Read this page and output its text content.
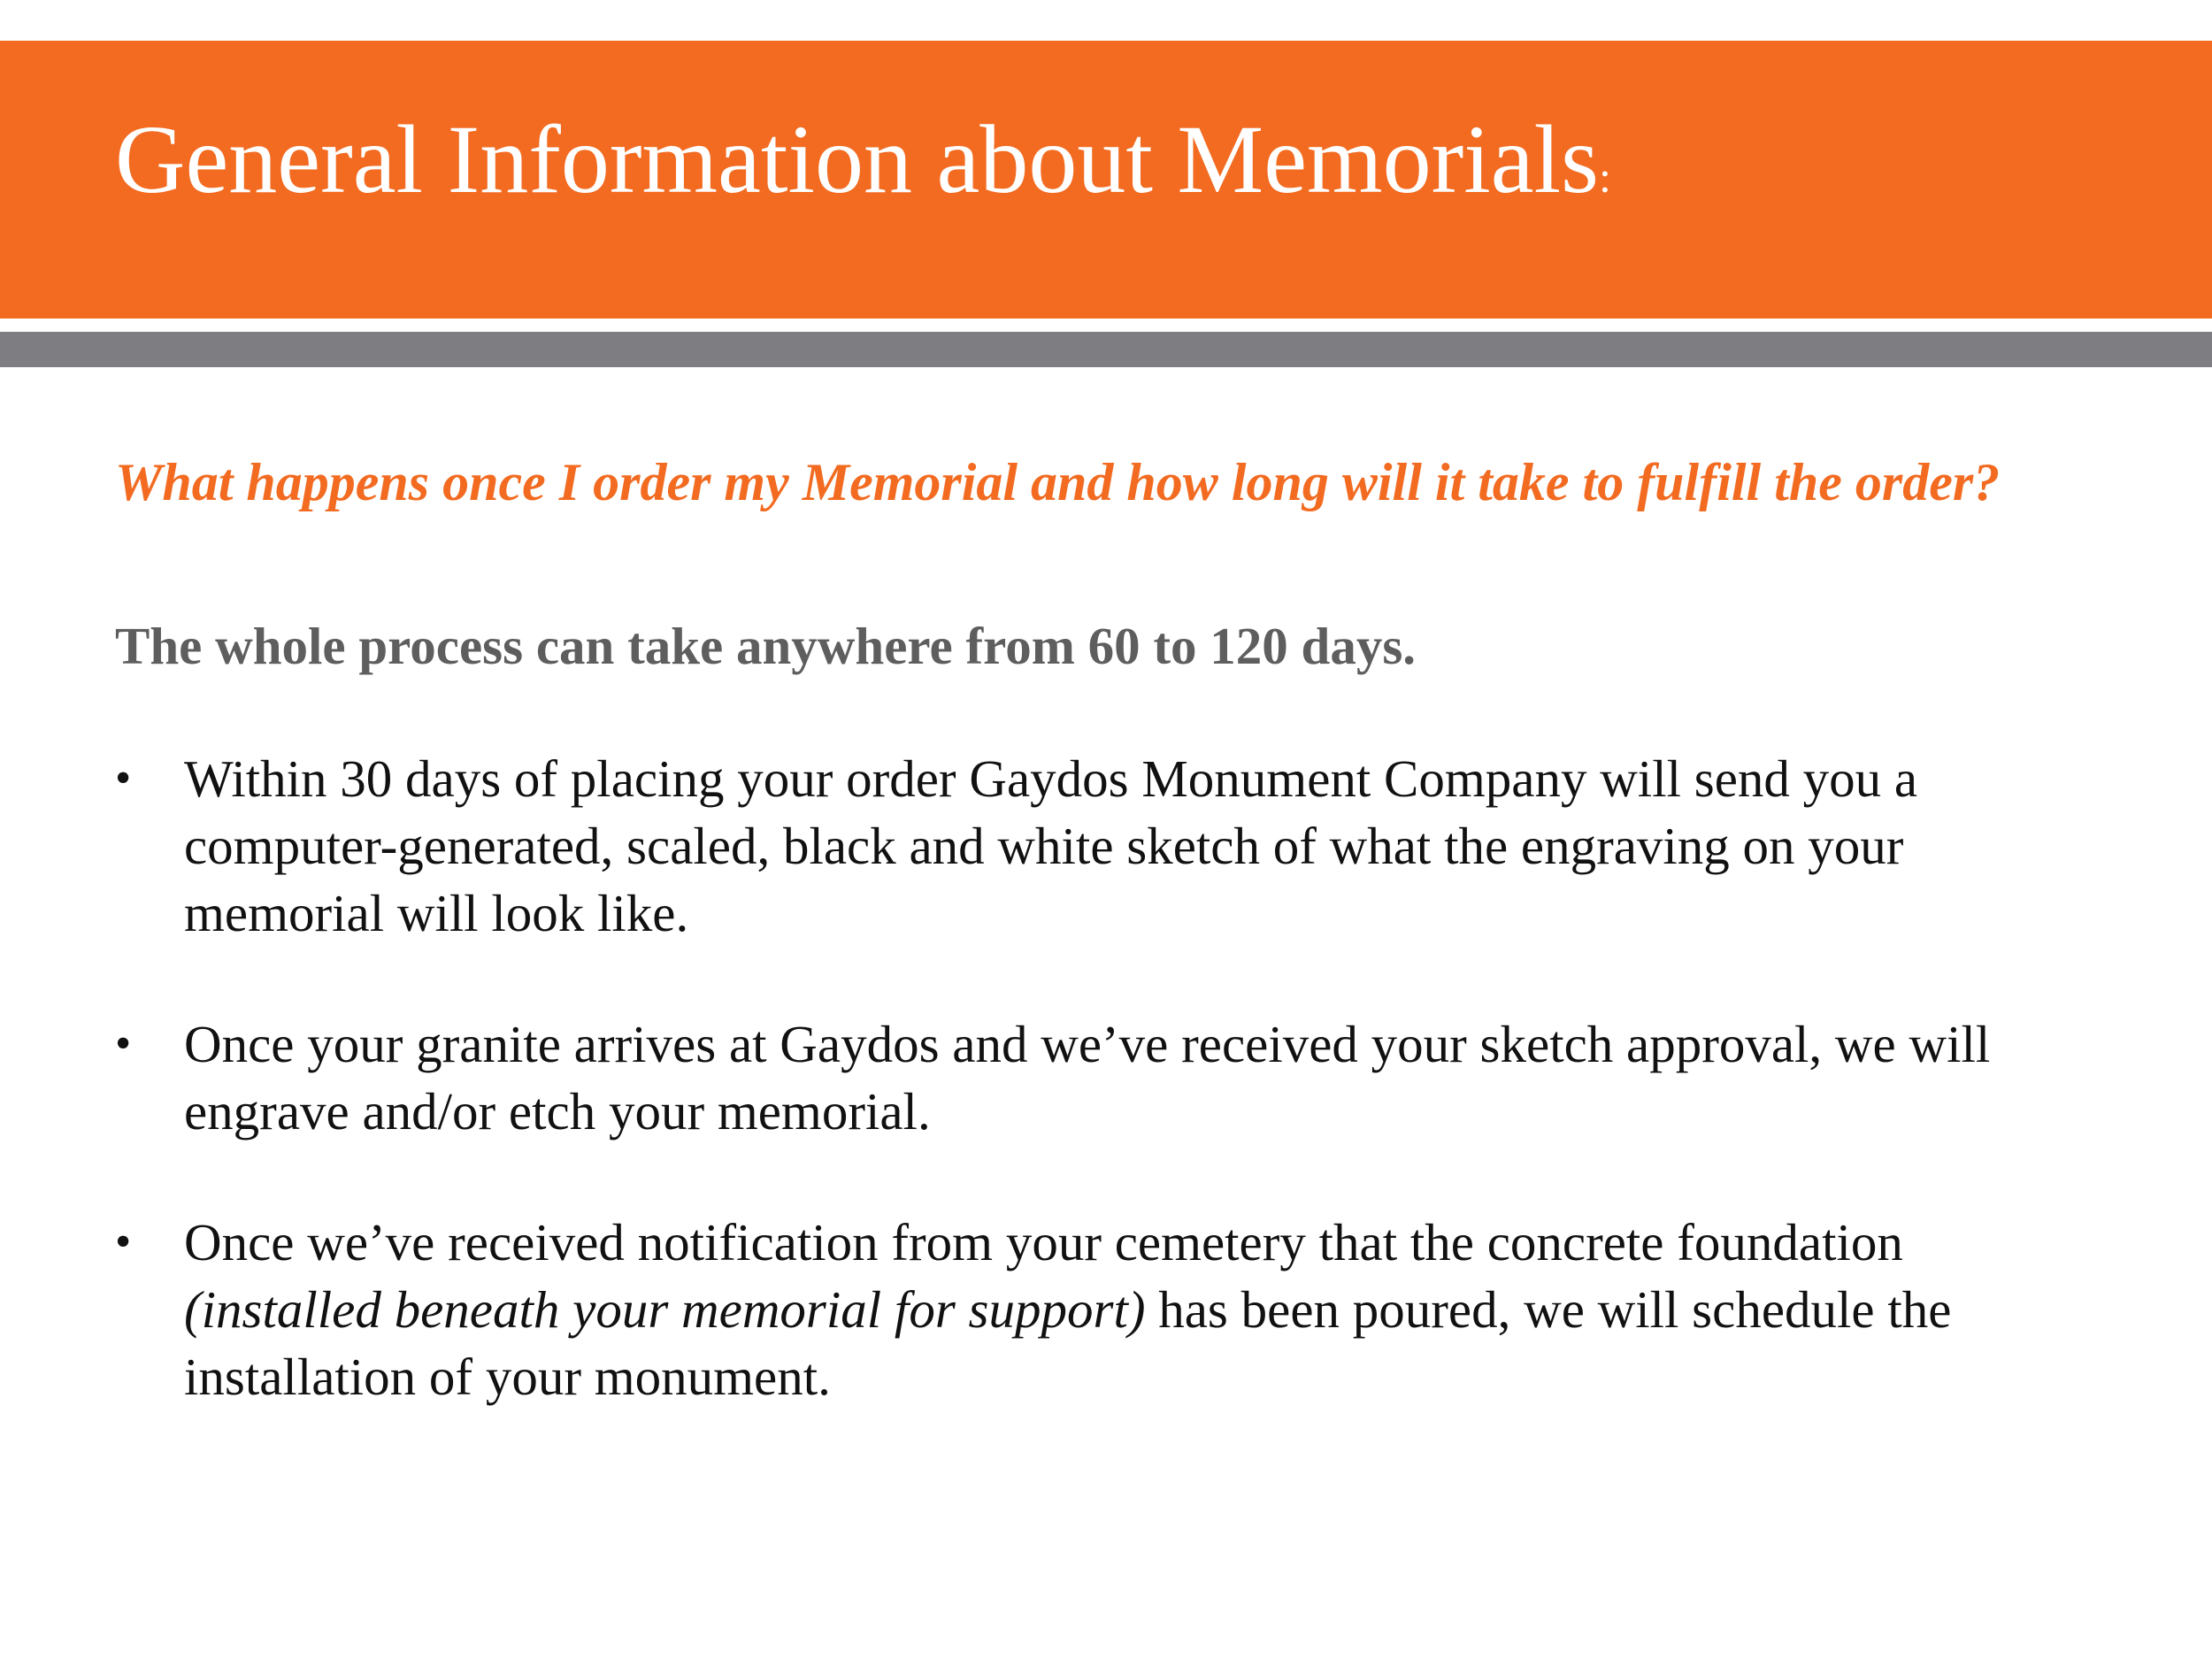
General Information about Memorials:

What happens once I order my Memorial and how long will it take to fulfill the order?

The whole process can take anywhere from 60 to 120 days.

• Within 30 days of placing your order Gaydos Monument Company will send you a computer-generated, scaled, black and white sketch of what the engraving on your memorial will look like.
• Once your granite arrives at Gaydos and we’ve received your sketch approval, we will engrave and/or etch your memorial.
• Once we’ve received notification from your cemetery that the concrete foundation (installed beneath your memorial for support) has been poured, we will schedule the installation of your monument.
